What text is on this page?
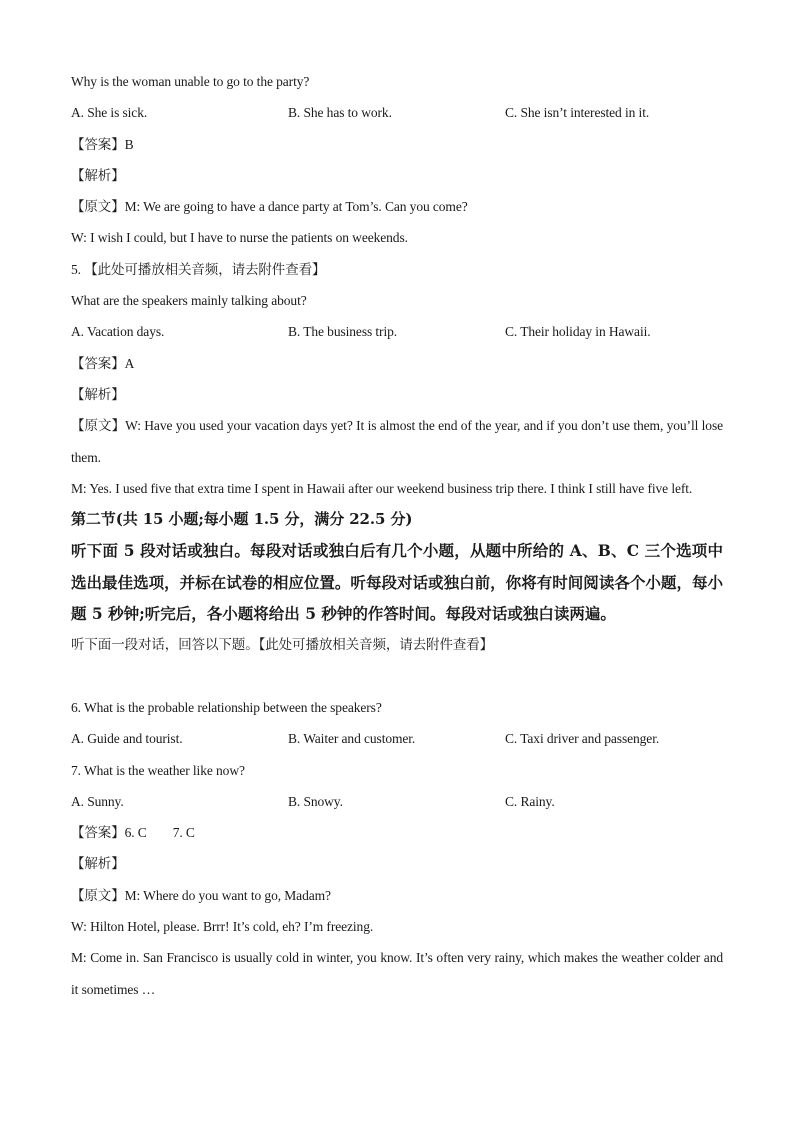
Why is the woman unable to go to the party?
A. She is sick.	B. She has to work.	C. She isn’t interested in it.
【答案】B
【解析】
【原文】M: We are going to have a dance party at Tom’s. Can you come?
W: I wish I could, but I have to nurse the patients on weekends.
5. 【此处可播放相关音频，请去附件查看】
What are the speakers mainly talking about?
A. Vacation days.	B. The business trip.	C. Their holiday in Hawaii.
【答案】A
【解析】
【原文】W: Have you used your vacation days yet? It is almost the end of the year, and if you don’t use them, you’ll lose them.
M: Yes. I used five that extra time I spent in Hawaii after our weekend business trip there. I think I still have five left.
第二节(共 15 小题;每小题 1.5 分，满分 22.5 分)
听下面 5 段对话或独白。每段对话或独白后有几个小题，从题中所给的 A、B、C 三个选项中选出最佳选项，并标在试卷的相应位置。听每段对话或独白前，你将有时间阅读各个小题，每小题 5 秒钟;听完后，各小题将给出 5 秒钟的作答时间。每段对话或独白读两遍。
听下面一段对话，回答以下题。【此处可播放相关音频，请去附件查看】
6. What is the probable relationship between the speakers?
A. Guide and tourist.	B. Waiter and customer.	C. Taxi driver and passenger.
7. What is the weather like now?
A. Sunny.	B. Snowy.	C. Rainy.
【答案】6. C 7. C
【解析】
【原文】M: Where do you want to go, Madam?
W: Hilton Hotel, please. Brrr! It’s cold, eh? I’m freezing.
M: Come in. San Francisco is usually cold in winter, you know. It’s often very rainy, which makes the weather colder and it sometimes …
